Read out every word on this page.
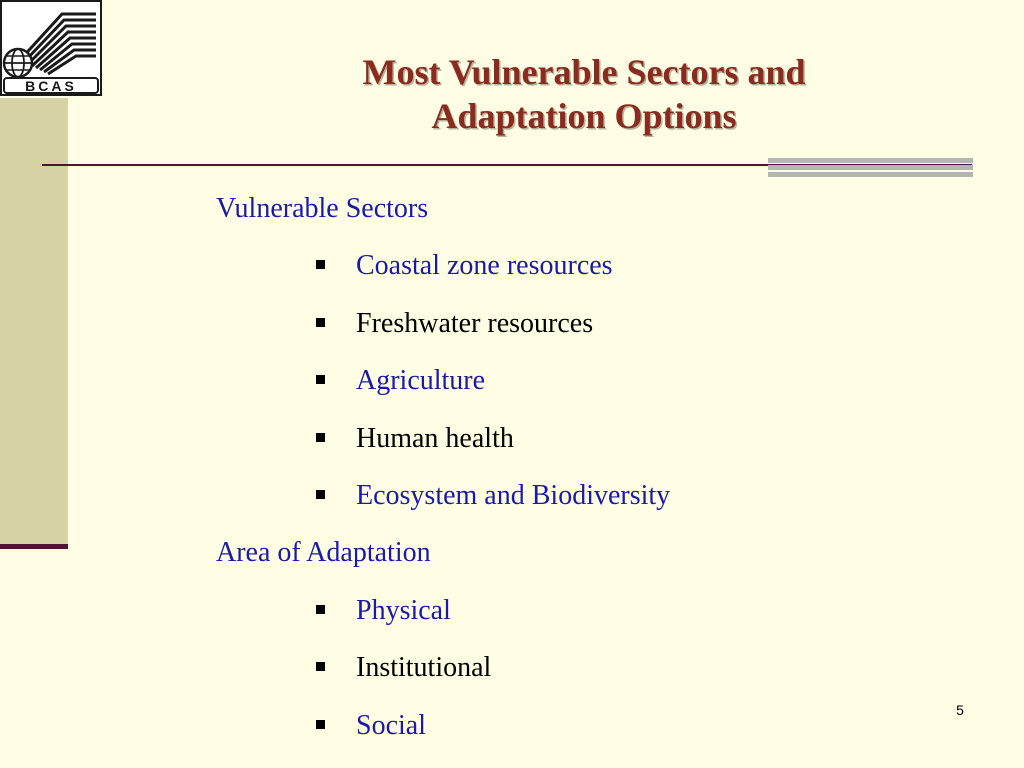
BCAS	Most Vulnerable Sectors and
Adaptation Options
Vulnerable Sectors
Coastal zone resources
Freshwater resources
Agriculture
Human health
Ecosystem and Biodiversity
Area of Adaptation
Physical
Institutional
Social	5
